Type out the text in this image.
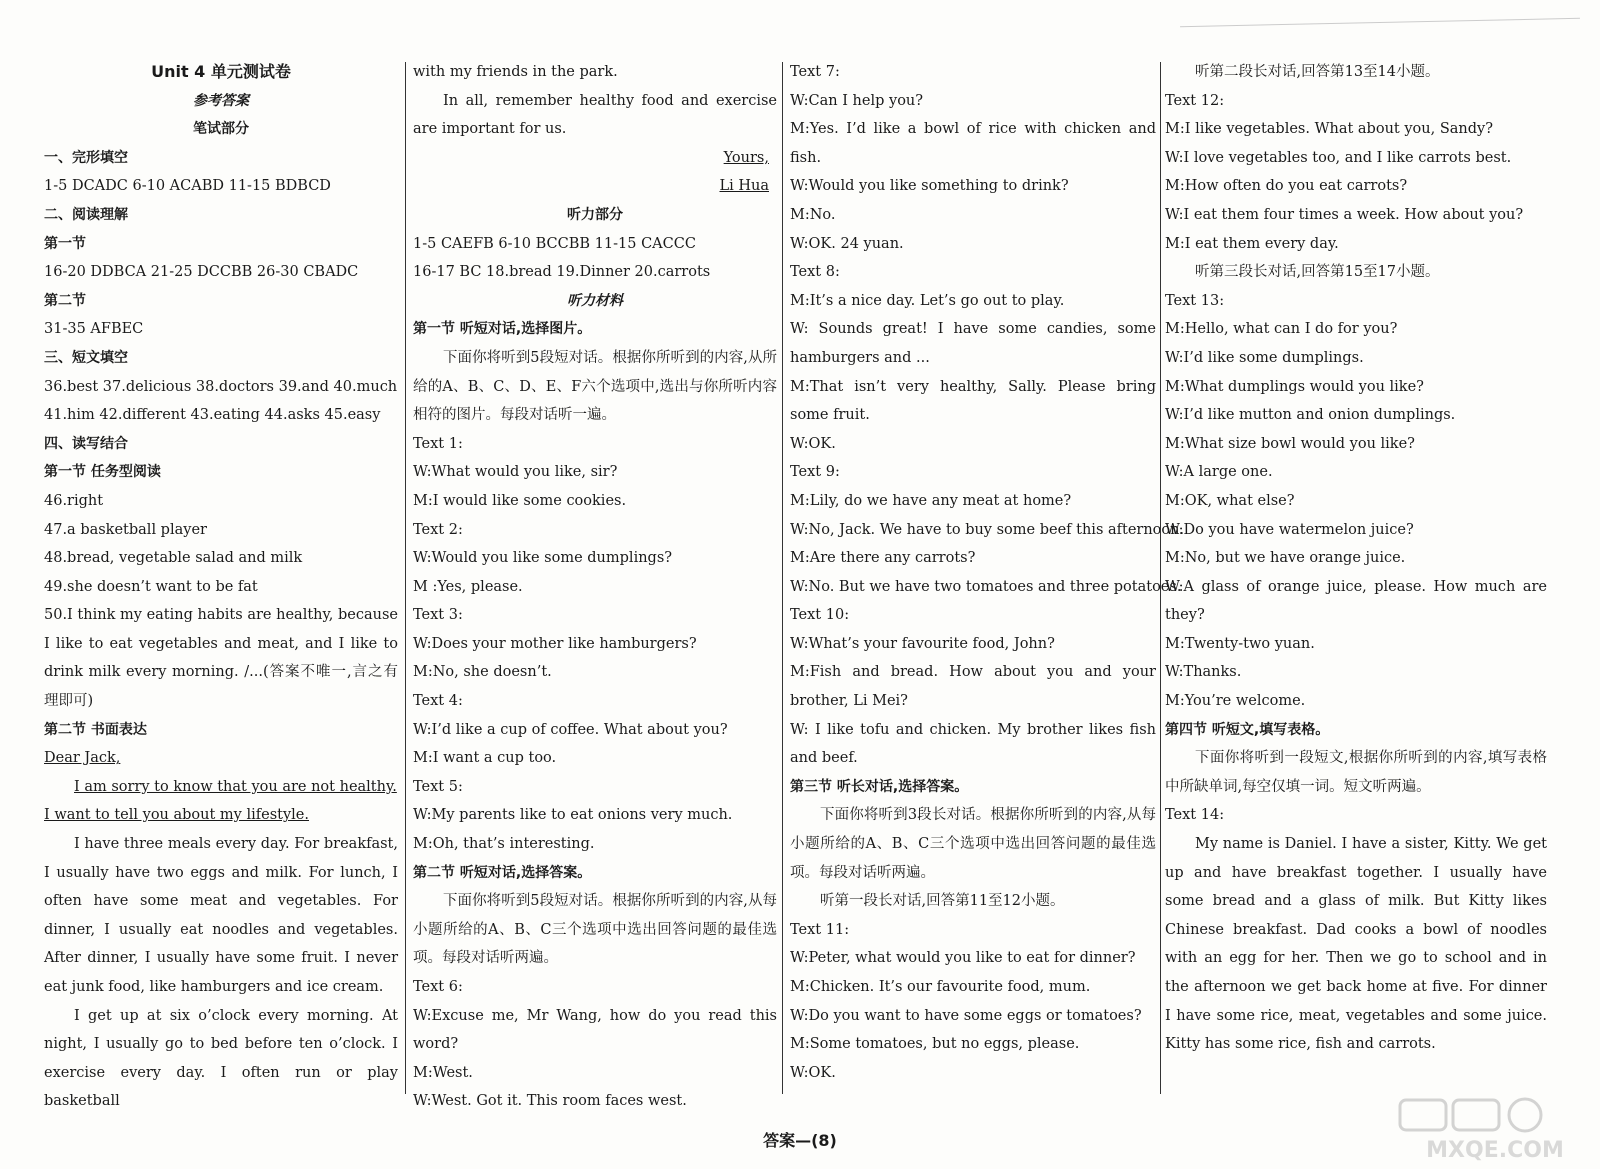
Unit 4 单元测试卷
参考答案
笔试部分
一、完形填空
1-5 DCADC 6-10 ACABD 11-15 BDBCD
二、阅读理解
第一节
16-20 DDBCA 21-25 DCCBB 26-30 CBADC
第二节
31-35 AFBEC
三、短文填空
36.best 37.delicious 38.doctors 39.and 40.much
41.him 42.different 43.eating 44.asks 45.easy
四、读写结合
第一节 任务型阅读
46.right
47.a basketball player
48.bread, vegetable salad and milk
49.she doesn’t want to be fat
50.I think my eating habits are healthy, because I like to eat vegetables and meat, and I like to drink milk every morning. /...(答案不唯一,言之有理即可)
第二节 书面表达
Dear Jack,
I am sorry to know that you are not healthy.
I want to tell you about my lifestyle.
I have three meals every day. For breakfast, I usually have two eggs and milk. For lunch, I often have some meat and vegetables. For dinner, I usually eat noodles and vegetables. After dinner, I usually have some fruit. I never eat junk food, like hamburgers and ice cream.
I get up at six o’clock every morning. At night, I usually go to bed before ten o’clock. I exercise every day. I often run or play basketball
with my friends in the park.
In all, remember healthy food and exercise are important for us.
Yours,
Li Hua
听力部分
1-5 CAEFB 6-10 BCCBB 11-15 CACCC
16-17 BC 18.bread 19.Dinner 20.carrots
听力材料
第一节 听短对话,选择图片。
下面你将听到5段短对话。根据你所听到的内容,从所给的A、B、C、D、E、F六个选项中,选出与你所听内容相符的图片。每段对话听一遍。
Text 1:
W:What would you like, sir?
M:I would like some cookies.
Text 2:
W:Would you like some dumplings?
M :Yes, please.
Text 3:
W:Does your mother like hamburgers?
M:No, she doesn’t.
Text 4:
W:I’d like a cup of coffee. What about you?
M:I want a cup too.
Text 5:
W:My parents like to eat onions very much.
M:Oh, that’s interesting.
第二节 听短对话,选择答案。
下面你将听到5段短对话。根据你所听到的内容,从每小题所给的A、B、C三个选项中选出回答问题的最佳选项。每段对话听两遍。
Text 6:
W:Excuse me, Mr Wang, how do you read this word?
M:West.
W:West. Got it. This room faces west.
Text 7:
W:Can I help you?
M:Yes. I’d like a bowl of rice with chicken and fish.
W:Would you like something to drink?
M:No.
W:OK. 24 yuan.
Text 8:
M:It’s a nice day. Let’s go out to play.
W: Sounds great! I have some candies, some hamburgers and ...
M:That isn’t very healthy, Sally. Please bring some fruit.
W:OK.
Text 9:
M:Lily, do we have any meat at home?
W:No, Jack. We have to buy some beef this afternoon.
M:Are there any carrots?
W:No. But we have two tomatoes and three potatoes.
Text 10:
W:What’s your favourite food, John?
M:Fish and bread. How about you and your brother, Li Mei?
W: I like tofu and chicken. My brother likes fish and beef.
第三节 听长对话,选择答案。
下面你将听到3段长对话。根据你所听到的内容,从每小题所给的A、B、C三个选项中选出回答问题的最佳选项。每段对话听两遍。
听第一段长对话,回答第11至12小题。
Text 11:
W:Peter, what would you like to eat for dinner?
M:Chicken. It’s our favourite food, mum.
W:Do you want to have some eggs or tomatoes?
M:Some tomatoes, but no eggs, please.
W:OK.
听第二段长对话,回答第13至14小题。
Text 12:
M:I like vegetables. What about you, Sandy?
W:I love vegetables too, and I like carrots best.
M:How often do you eat carrots?
W:I eat them four times a week. How about you?
M:I eat them every day.
听第三段长对话,回答第15至17小题。
Text 13:
M:Hello, what can I do for you?
W:I’d like some dumplings.
M:What dumplings would you like?
W:I’d like mutton and onion dumplings.
M:What size bowl would you like?
W:A large one.
M:OK, what else?
W:Do you have watermelon juice?
M:No, but we have orange juice.
W:A glass of orange juice, please. How much are they?
M:Twenty-two yuan.
W:Thanks.
M:You’re welcome.
第四节 听短文,填写表格。
下面你将听到一段短文,根据你所听到的内容,填写表格中所缺单词,每空仅填一词。短文听两遍。
Text 14:
My name is Daniel. I have a sister, Kitty. We get up and have breakfast together. I usually have some bread and a glass of milk. But Kitty likes Chinese breakfast. Dad cooks a bowl of noodles with an egg for her. Then we go to school and in the afternoon we get back home at five. For dinner I have some rice, meat, vegetables and some juice. Kitty has some rice, fish and carrots.
答案—(8)	MXQE.COM
